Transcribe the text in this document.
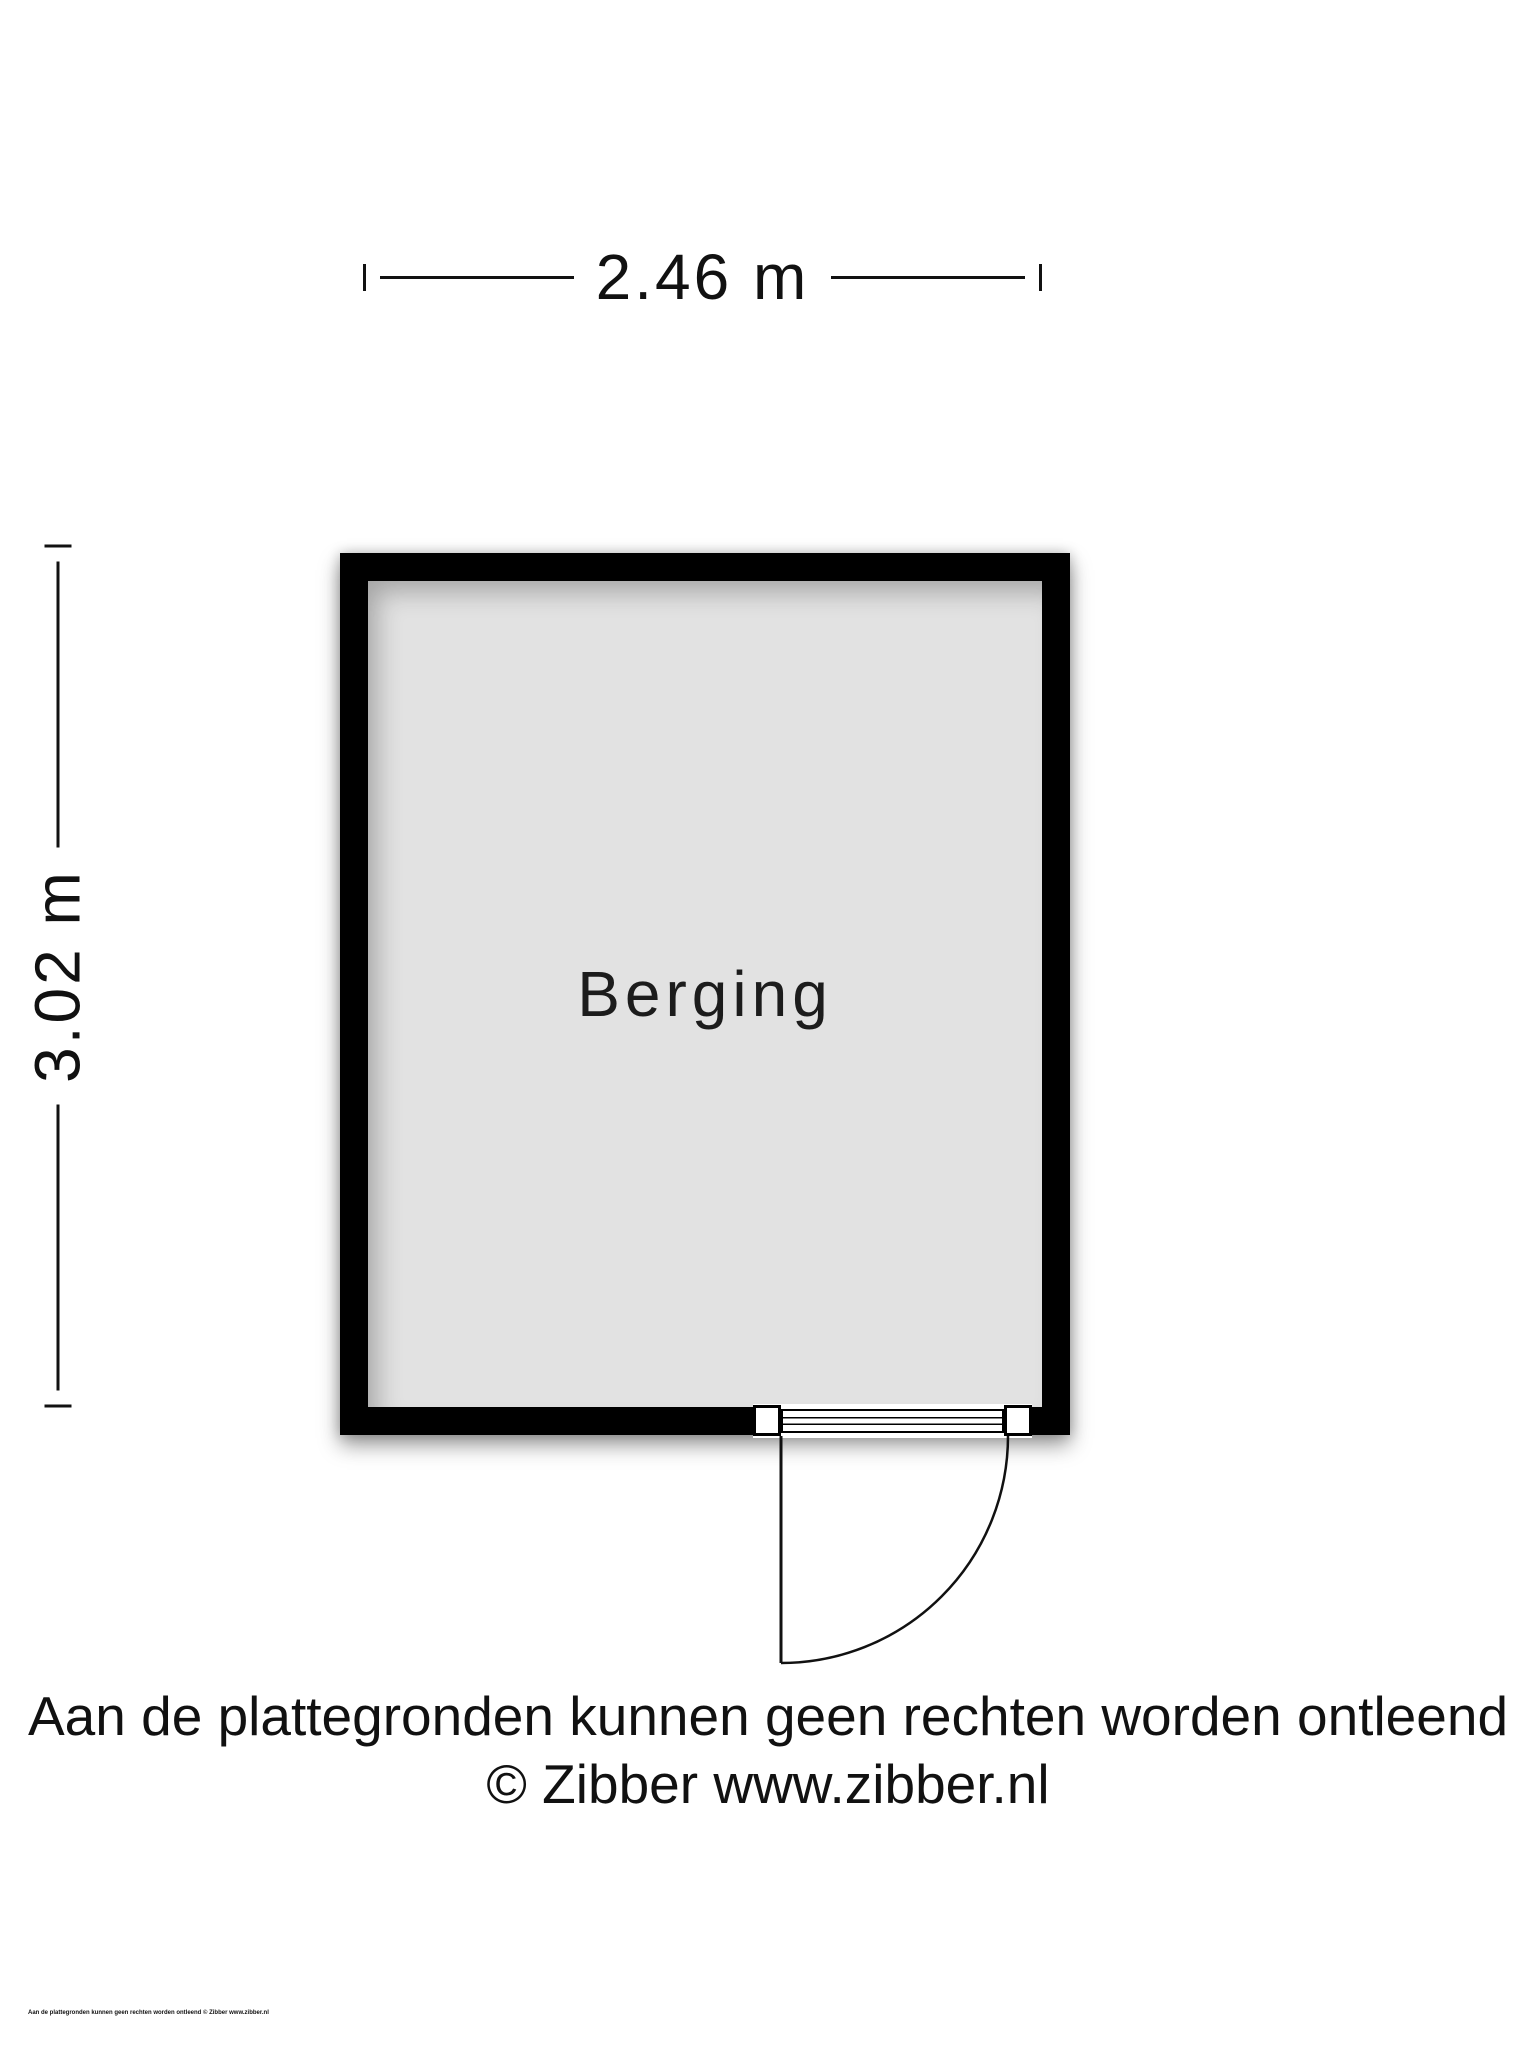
2.46 m
3.02 m	Berging
Aan de plattegronden kunnen geen rechten worden ontleend
© Zibber www.zibber.nl
Aan de plattegronden kunnen geen rechten worden ontleend © Zibber www.zibber.nl
